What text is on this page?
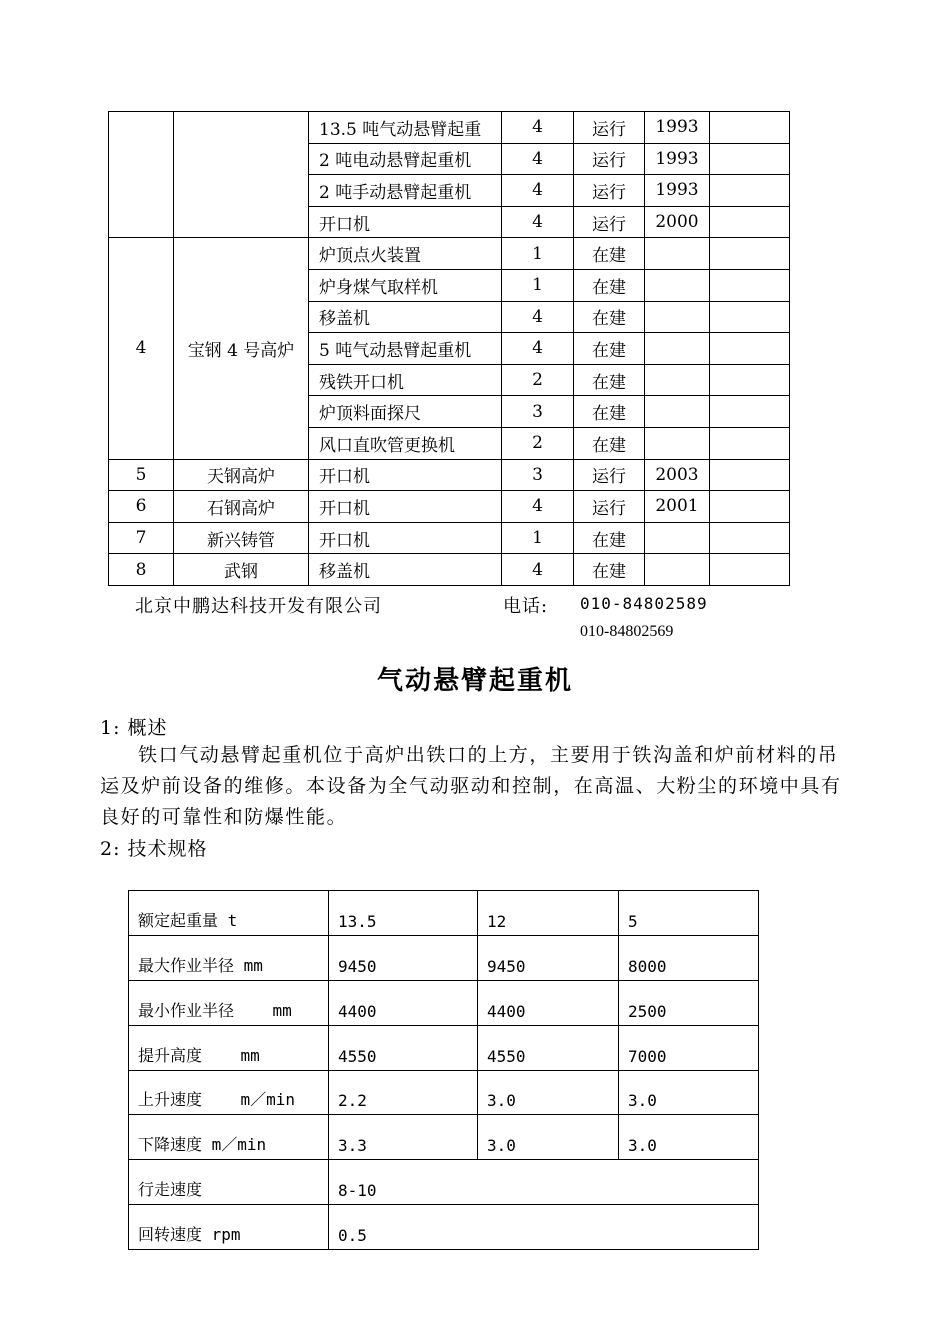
		13.5 吨气动悬臂起重	4	运行	1993	
		2 吨电动悬臂起重机	4	运行	1993	
		2 吨手动悬臂起重机	4	运行	1993	
		开口机	4	运行	2000	
4	宝钢 4 号高炉	炉顶点火装置	1	在建		
		炉身煤气取样机	1	在建		
		移盖机	4	在建		
		5 吨气动悬臂起重机	4	在建		
		残铁开口机	2	在建		
		炉顶料面探尺	3	在建		
		风口直吹管更换机	2	在建		
5	天钢高炉	开口机	3	运行	2003	
6	石钢高炉	开口机	4	运行	2001	
7	新兴铸管	开口机	1	在建		
8	武钢	移盖机	4	在建		
北京中鹏达科技开发有限公司	电话: 010-84802589
010-84802569
气动悬臂起重机
1: 概述
铁口气动悬臂起重机位于高炉出铁口的上方，主要用于铁沟盖和炉前材料的吊运及炉前设备的维修。本设备为全气动驱动和控制，在高温、大粉尘的环境中具有良好的可靠性和防爆性能。
2: 技术规格
额定起重量 t	13.5	12	5
最大作业半径 mm	9450	9450	8000
最小作业半径    mm	4400	4400	2500
提升高度    mm	4550	4550	7000
上升速度    m／min	2.2	3.0	3.0
下降速度 m／min	3.3	3.0	3.0
行走速度	8-10		
回转速度 rpm	0.5		
